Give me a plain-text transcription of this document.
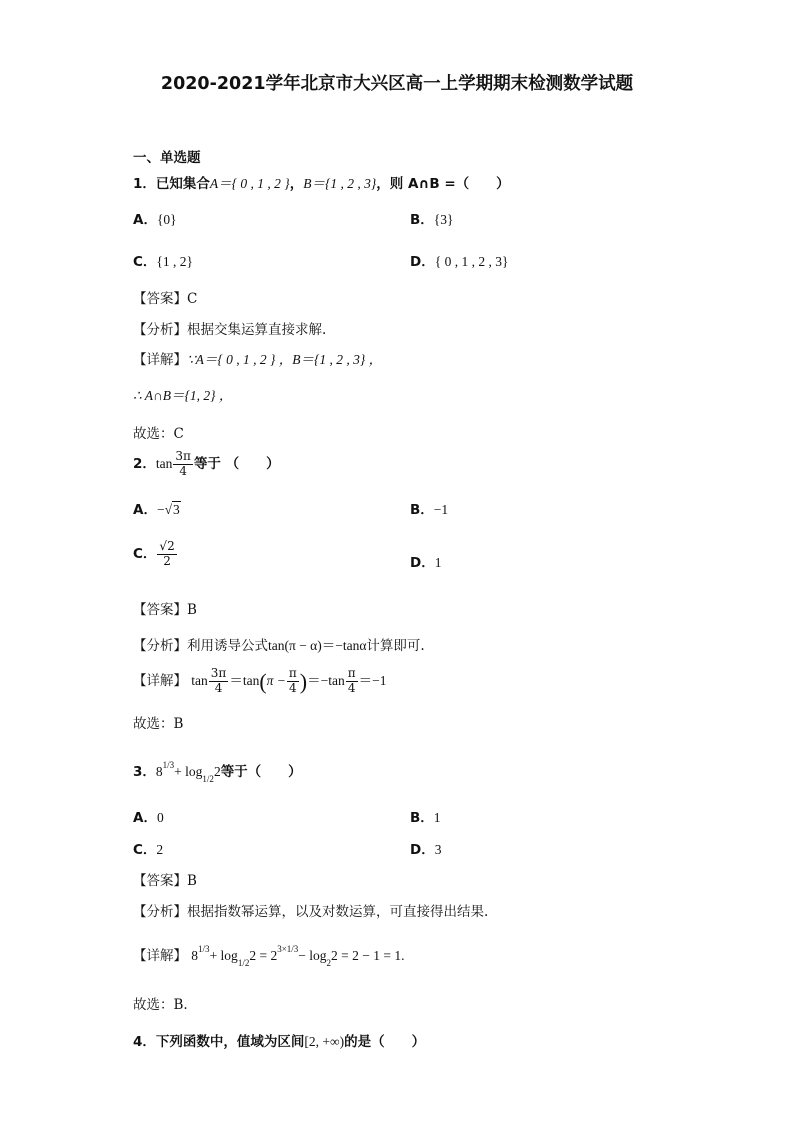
2020-2021学年北京市大兴区高一上学期期末检测数学试题
一、单选题
1．已知集合A＝{ 0 , 1 , 2 }，B＝{1 , 2 , 3}，则 A∩B =（　　）
A．{0}	B．{3}
C．{1 , 2}	D．{ 0 , 1 , 2 , 3}
【答案】C
【分析】根据交集运算直接求解.
【详解】∵A＝{ 0 , 1 , 2 } ，B＝{1 , 2 , 3} ，
∴ A∩B＝{1, 2} ，
故选：C
2．$\tan \frac{3\pi}{4}$ 等于 （　　）
A．−√3	B．−1
C． $\frac{√2}{2}$	D．1
【答案】B
【分析】利用诱导公式tan(π − α)＝−tanα计算即可.
【详解】 $\tan \frac{3\pi}{4} =\tan(\pi - \frac{\pi}{4} )=-\tan \frac{\pi}{4} =-1$
故选：B
3．$8^{1/3}+ \log_{1/2}2$等于（　　）
A．0	B．1
C．2	D．3
【答案】B
【分析】根据指数幂运算，以及对数运算，可直接得出结果.
【详解】 $8^{1/3}+ \log_{1/2}2 = 2^{3\times 1/3}- \log_22 = 2 - 1 = 1$.
故选：B.
4．下列函数中，值域为区间[2, +∞)的是（　　）
